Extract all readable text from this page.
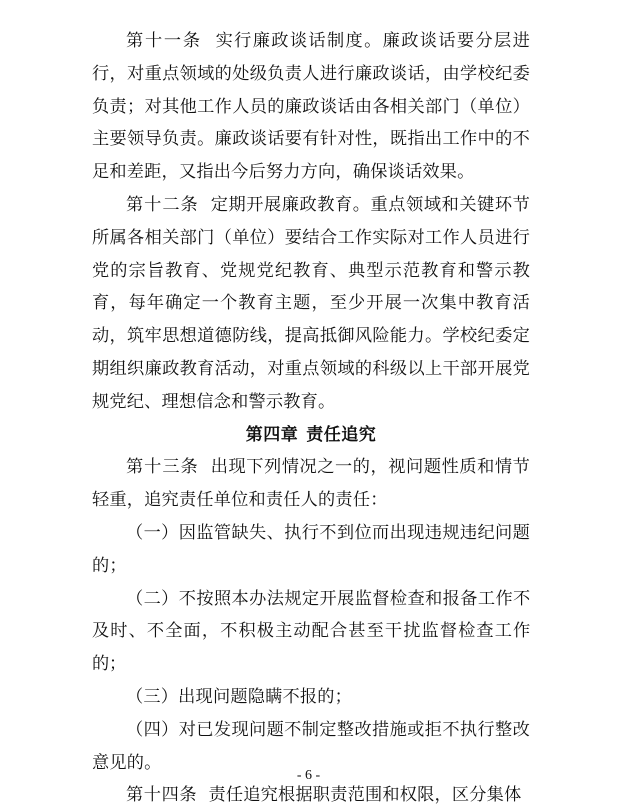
第十一条 实行廉政谈话制度。廉政谈话要分层进行，对重点领域的处级负责人进行廉政谈话，由学校纪委负责；对其他工作人员的廉政谈话由各相关部门（单位）主要领导负责。廉政谈话要有针对性，既指出工作中的不足和差距，又指出今后努力方向，确保谈话效果。

第十二条 定期开展廉政教育。重点领域和关键环节所属各相关部门（单位）要结合工作实际对工作人员进行党的宗旨教育、党规党纪教育、典型示范教育和警示教育，每年确定一个教育主题，至少开展一次集中教育活动，筑牢思想道德防线，提高抵御风险能力。学校纪委定期组织廉政教育活动，对重点领域的科级以上干部开展党规党纪、理想信念和警示教育。

第四章 责任追究

第十三条 出现下列情况之一的，视问题性质和情节轻重，追究责任单位和责任人的责任：

（一）因监管缺失、执行不到位而出现违规违纪问题的；

（二）不按照本办法规定开展监督检查和报备工作不及时、不全面，不积极主动配合甚至干扰监督检查工作的；

（三）出现问题隐瞒不报的；

（四）对已发现问题不制定整改措施或拒不执行整改意见的。

第十四条 责任追究根据职责范围和权限，区分集体

- 6 -
